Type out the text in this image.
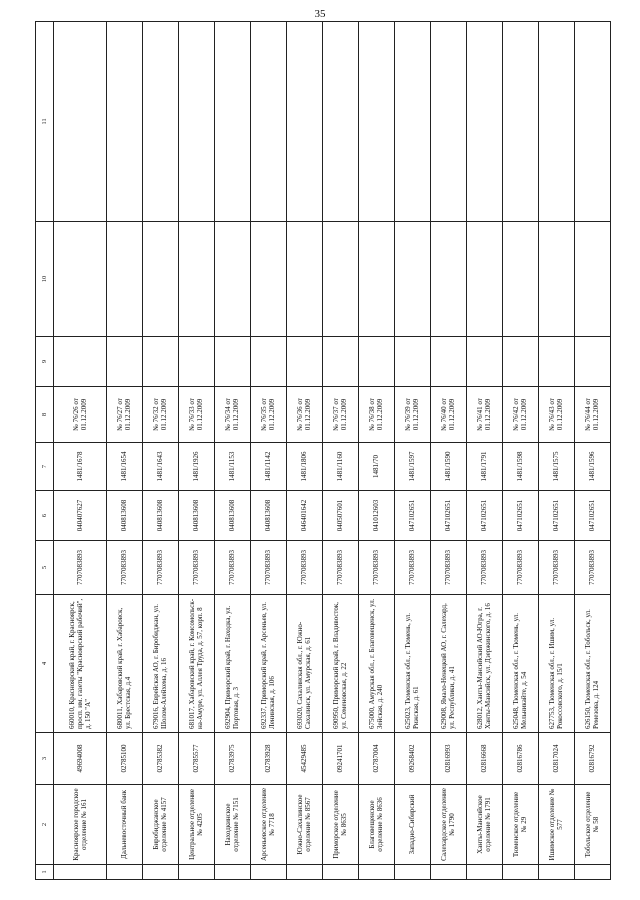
35
1	2	3	4	5	6	7	8	9	10	11
	Красноярское городское отделение № 161	49694008	660010, Красноярский край, г. Красноярск, просп. им. газеты "Красноярский рабочий", д. 150 "А"	7707083893	040407627	1481/1678	№ 76/26 от 01.12.2009			
	Дальневосточный банк	02785100	680011, Хабаровский край, г. Хабаровск, ул. Брестская, д.4	7707083893	040813608	1481/1654	№ 76/27 от 01.12.2009			
	Биробиджанское отделение № 4157	02785382	679016, Еврейская АО, г. Биробиджан, ул. Шолом-Алейхема, д. 16	7707083893	040813608	1481/1643	№ 76/32 от 01.12.2009			
	Центральное отделение № 4205	02785577	681017, Хабаровский край, г. Комсомольск-на-Амуре, ул. Аллея Труда, д. 57, корп. 8	7707083893	040813608	1481/1926	№ 76/33 от 01.12.2009			
	Находкинское отделение № 7151	02783975	692904, Приморский край, г. Находка, ул. Портовая, д. 3	7707083893	040813608	1481/1153	№ 76/34 от 01.12.2009			
	Арсеньевское отделение № 7718	02783928	692337, Приморский край, г. Арсеньев, ул. Ленинская, д. 106	7707083893	040813608	1481/1142	№ 76/35 от 01.12.2009			
	Южно-Сахалинское отделение № 8567	45429485	693020, Сахалинская обл., г. Южно-Сахалинск, ул. Амурская, д. 61	7707083893	046401642	1481/1806	№ 76/36 от 01.12.2009			
	Приморское отделение № 8635	09241701	690950, Приморский край, г. Владивосток, ул. Семеновская, д. 22	7707083893	040507601	1481/1160	№ 76/37 от 01.12.2009			
	Благовещенское отделение № 8636	02787004	675000, Амурская обл., г. Благовещенск, ул. Зейская, д. 240	7707083893	041012603	1481/70	№ 76/38 от 01.12.2009			
	Западно-Сибирский	09268402	625023, Тюменская обл., г. Тюмень, ул. Рижская, д. 61	7707083893	047102651	1481/1597	№ 76/39 от 01.12.2009			
	Салехардское отделение № 1790	02816993	629008, Ямало-Ненецкий АО, г. Салехард, ул. Республики, д. 41	7707083893	047102651	1481/1590	№ 76/40 от 01.12.2009			
	Ханты-Мансийское отделение № 1791	02816668	628012, Ханты-Мансийский АО-Югра, г. Ханты-Мансийск, ул. Дзержинского, д. 16	7707083893	047102651	1481/1791	№ 76/41 от 01.12.2009			
	Тюменское отделение № 29	02816786	625048, Тюменская обл., г. Тюмень, ул. Мельникайте, д. 54	7707083893	047102651	1481/1598	№ 76/42 от 01.12.2009			
	Ишимское отделение № 577	02817024	627753, Тюменская обл., г. Ишим, ул. Рокоссовского, д. 15/1	7707083893	047102651	1481/1575	№ 76/43 от 01.12.2009			
	Тобольское отделение № 58	02816792	626150, Тюменская обл., г. Тобольск, ул. Ремезова, д. 124	7707083893	047102651	1481/1596	№ 76/44 от 01.12.2009			
